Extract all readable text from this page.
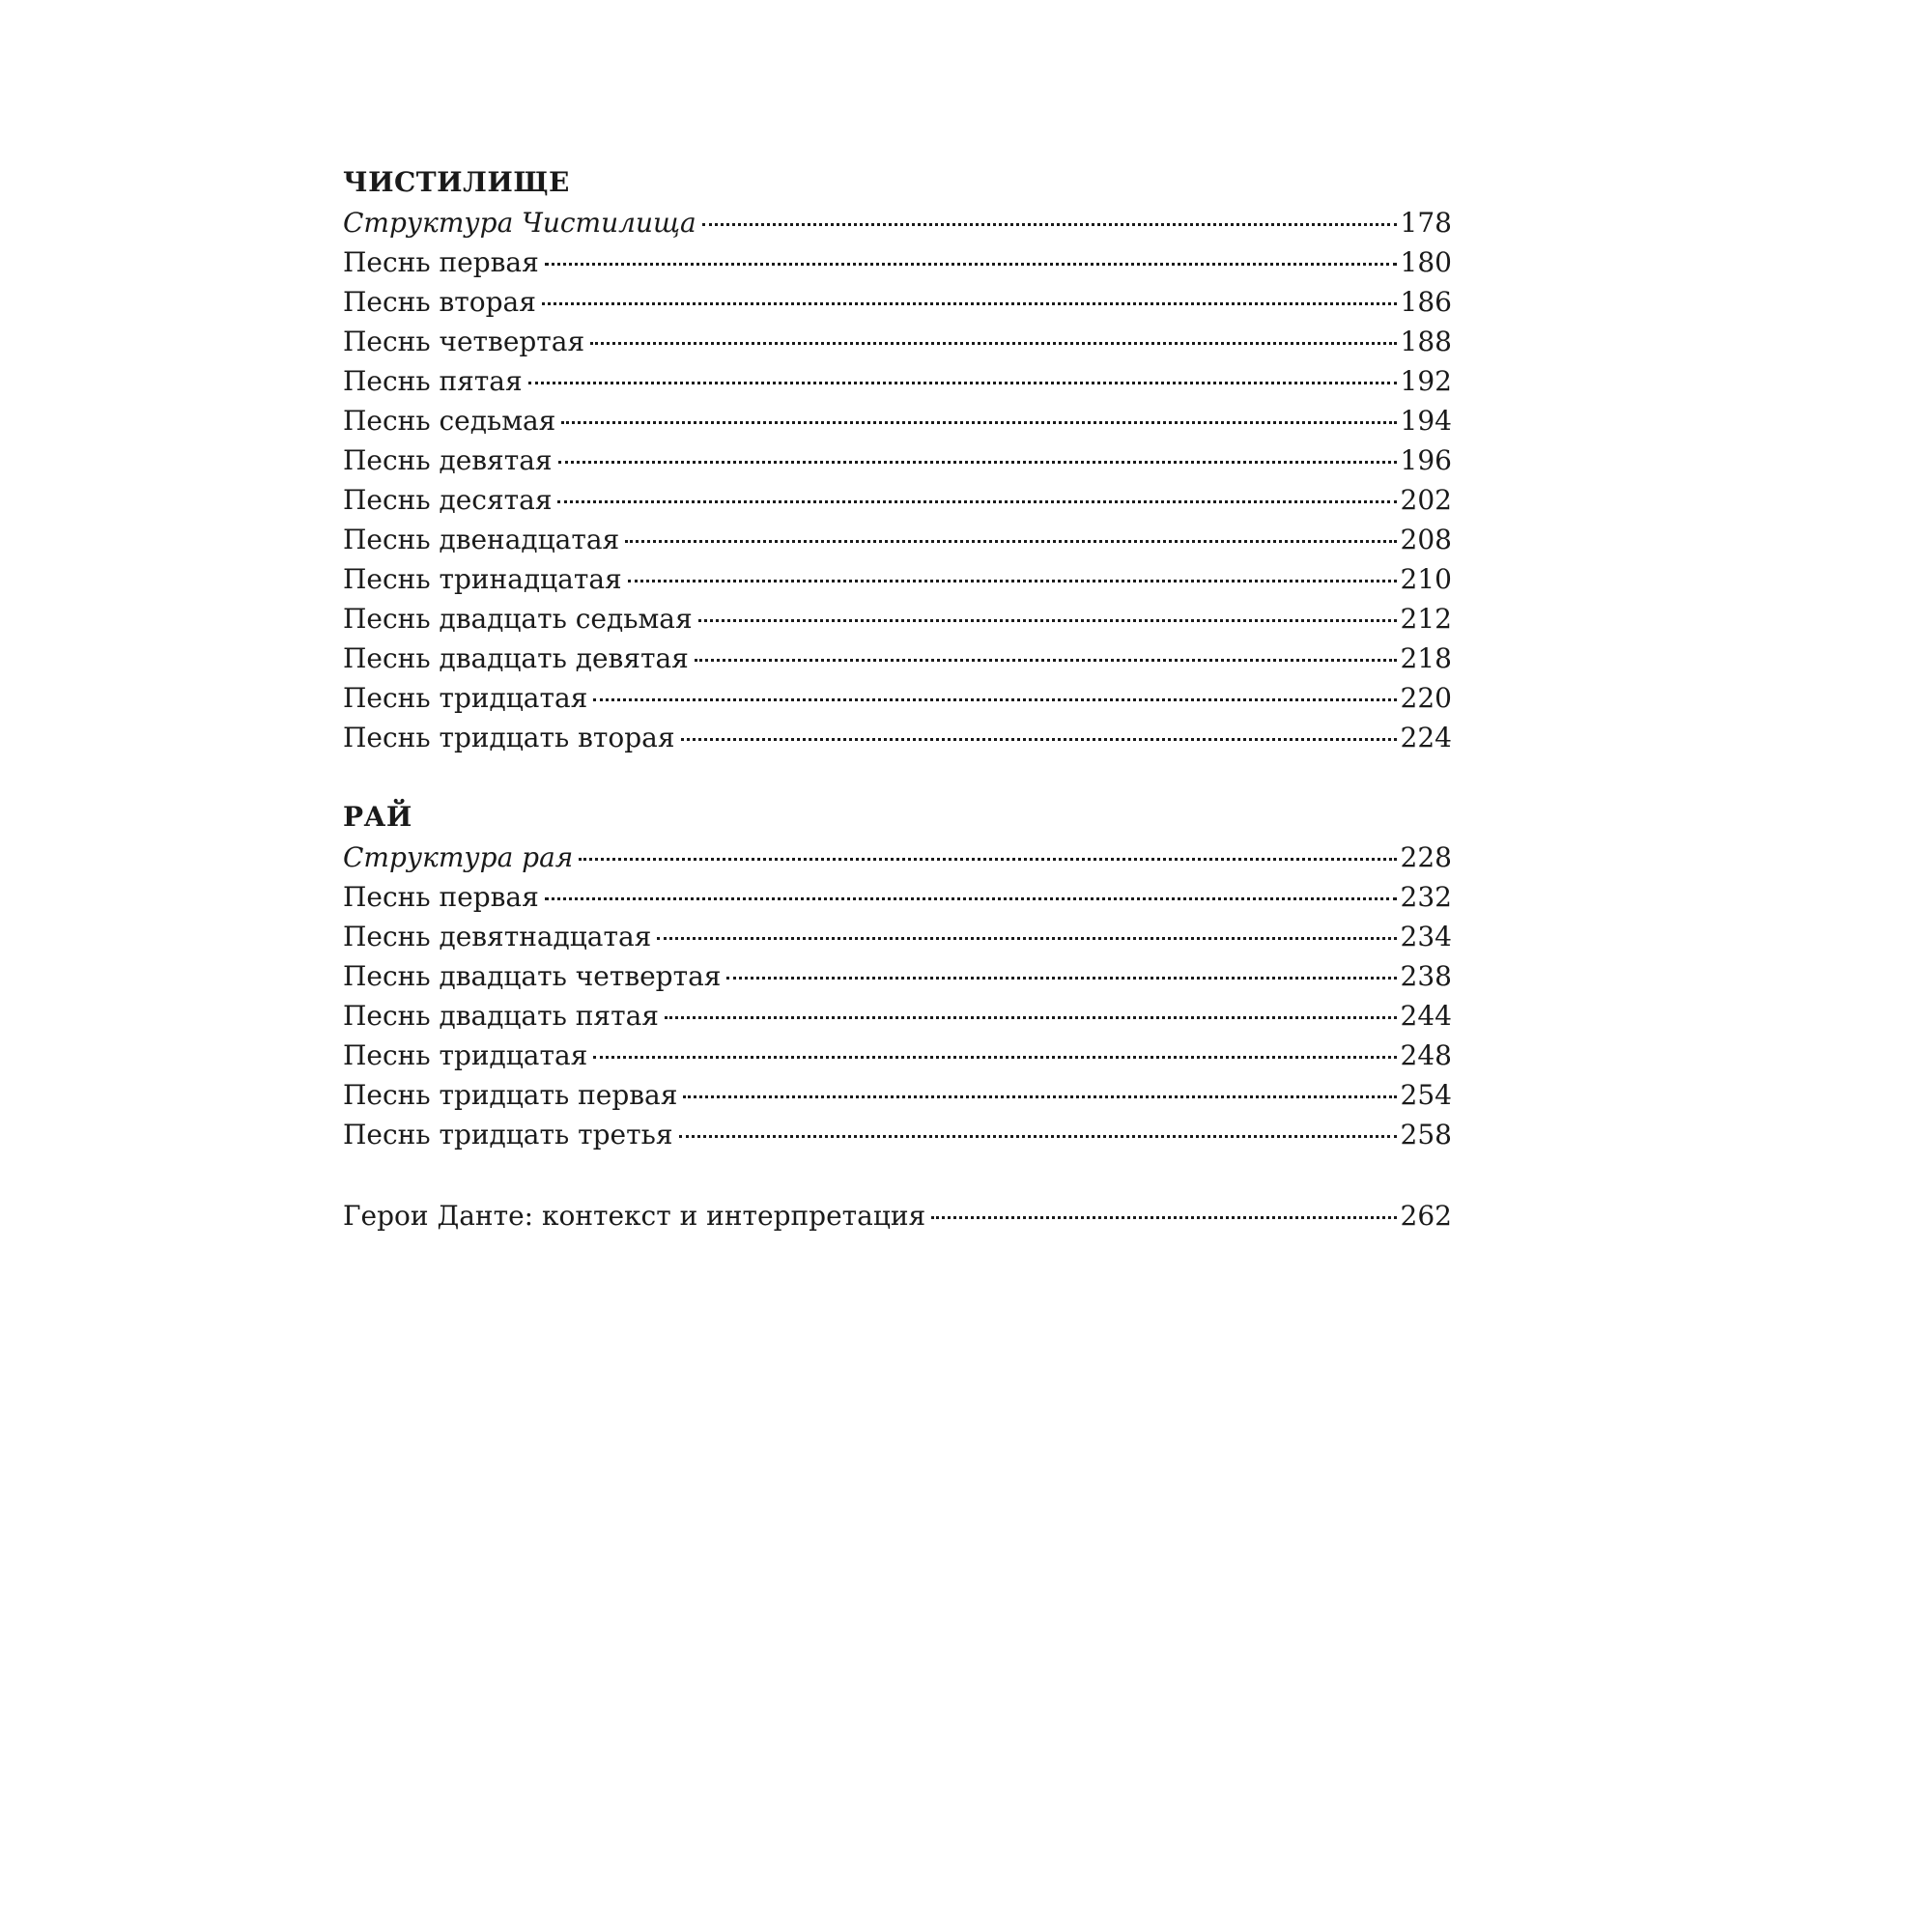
ЧИСТИЛИЩЕ
Структура Чистилища	178
Песнь первая	180
Песнь вторая	186
Песнь четвертая	188
Песнь пятая	192
Песнь седьмая	194
Песнь девятая	196
Песнь десятая	202
Песнь двенадцатая	208
Песнь тринадцатая	210
Песнь двадцать седьмая	212
Песнь двадцать девятая	218
Песнь тридцатая	220
Песнь тридцать вторая	224
РАЙ
Структура рая	228
Песнь первая	232
Песнь девятнадцатая	234
Песнь двадцать четвертая	238
Песнь двадцать пятая	244
Песнь тридцатая	248
Песнь тридцать первая	254
Песнь тридцать третья	258
Герои Данте: контекст и интерпретация	262
